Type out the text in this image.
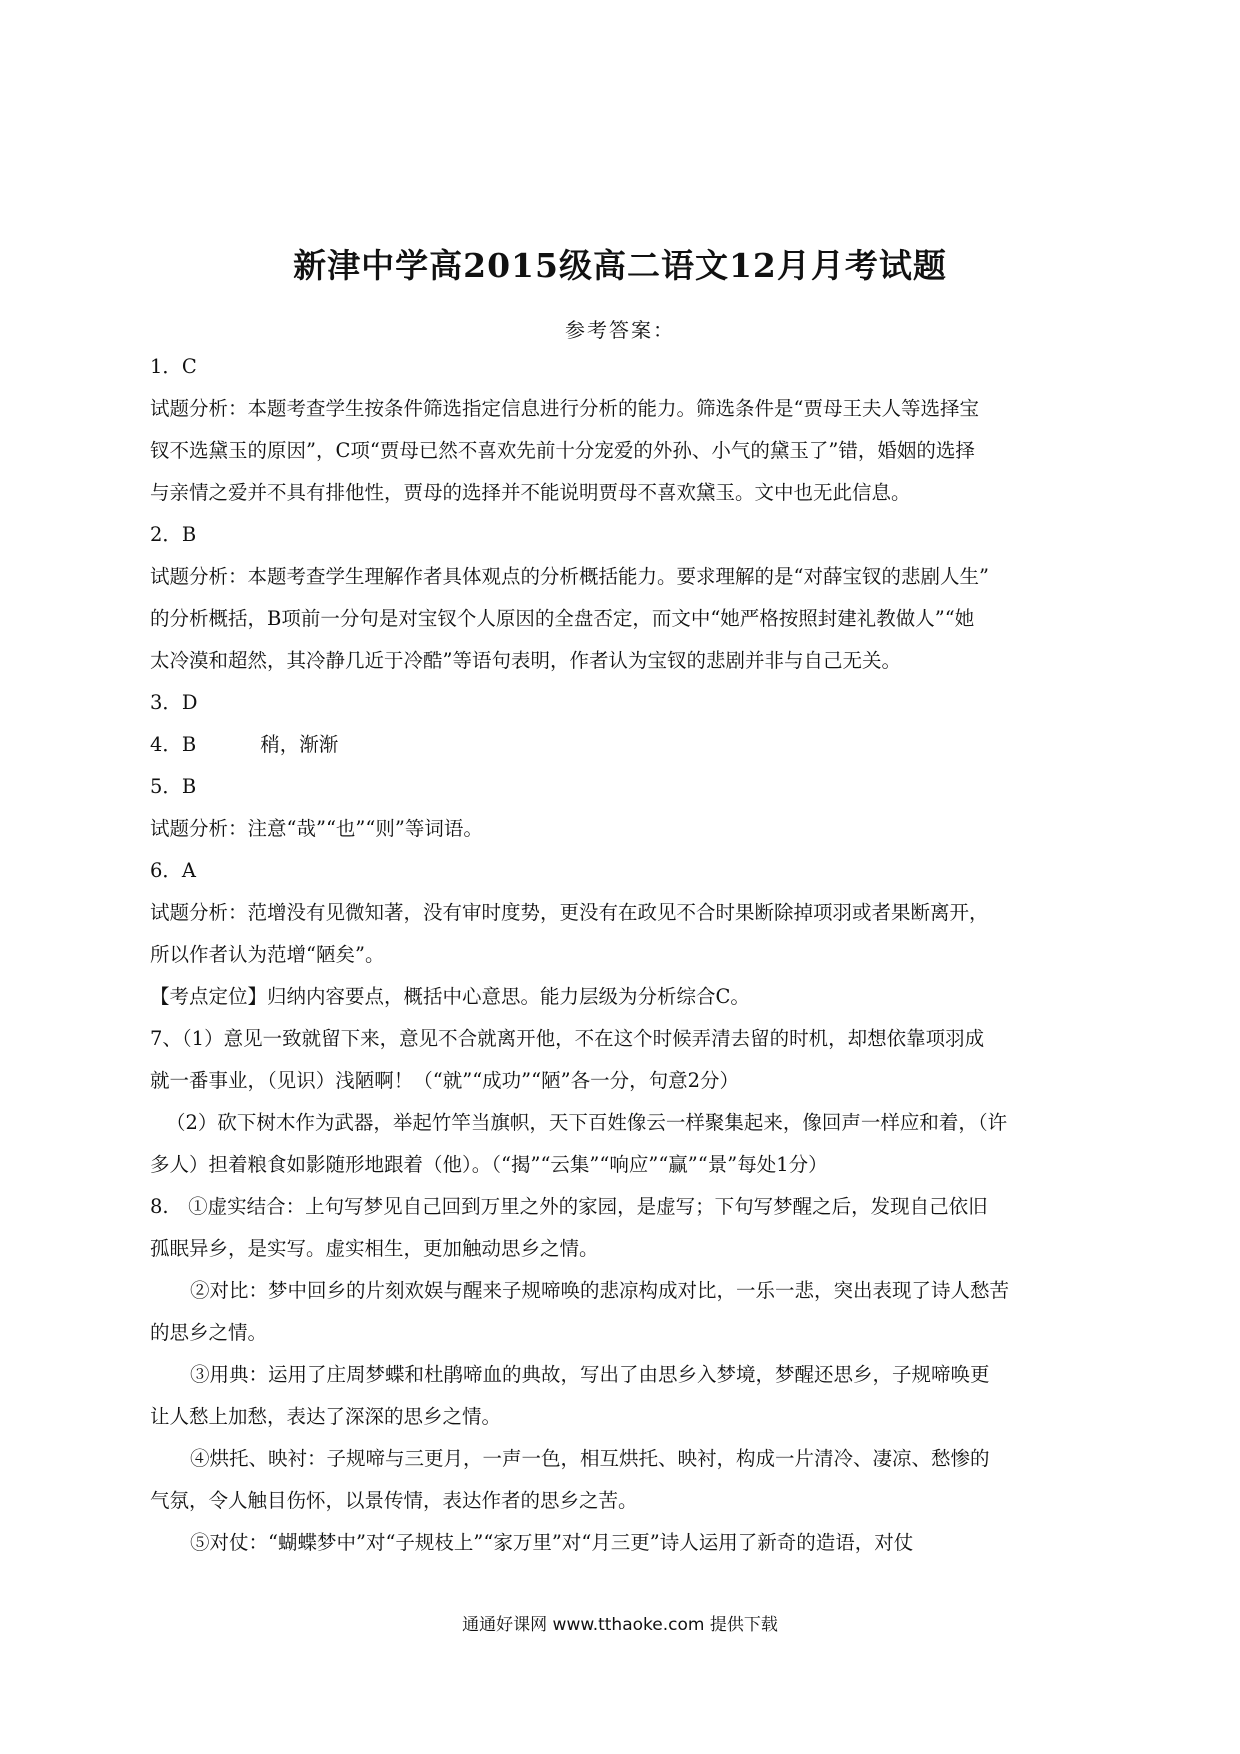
新津中学高2015级高二语文12月月考试题
参考答案：
1．C
试题分析：本题考查学生按条件筛选指定信息进行分析的能力。筛选条件是“贾母王夫人等选择宝
钗不选黛玉的原因”，C项“贾母已然不喜欢先前十分宠爱的外孙、小气的黛玉了”错，婚姻的选择
与亲情之爱并不具有排他性，贾母的选择并不能说明贾母不喜欢黛玉。文中也无此信息。
2．B
试题分析：本题考查学生理解作者具体观点的分析概括能力。要求理解的是“对薛宝钗的悲剧人生”
的分析概括，B项前一分句是对宝钗个人原因的全盘否定，而文中“她严格按照封建礼教做人”“她
太冷漠和超然，其冷静几近于冷酷”等语句表明，作者认为宝钗的悲剧并非与自己无关。
3．D
4．B	稍，渐渐
5．B
试题分析：注意“哉”“也”“则”等词语。
6．A
试题分析：范增没有见微知著，没有审时度势，更没有在政见不合时果断除掉项羽或者果断离开，
所以作者认为范增“陋矣”。
【考点定位】归纳内容要点，概括中心意思。能力层级为分析综合C。
7、（1）意见一致就留下来，意见不合就离开他，不在这个时候弄清去留的时机，却想依靠项羽成
就一番事业，（见识）浅陋啊！（“就”“成功”“陋”各一分，句意2分）
（2）砍下树木作为武器，举起竹竿当旗帜，天下百姓像云一样聚集起来，像回声一样应和着，（许
多人）担着粮食如影随形地跟着（他）。（“揭”“云集”“响应”“赢”“景”每处1分）
8.　①虚实结合：上句写梦见自己回到万里之外的家园，是虚写；下句写梦醒之后，发现自己依旧
孤眠异乡，是实写。虚实相生，更加触动思乡之情。
②对比：梦中回乡的片刻欢娱与醒来子规啼唤的悲凉构成对比，一乐一悲，突出表现了诗人愁苦
的思乡之情。
③用典：运用了庄周梦蝶和杜鹃啼血的典故，写出了由思乡入梦境，梦醒还思乡，子规啼唤更
让人愁上加愁，表达了深深的思乡之情。
④烘托、映衬：子规啼与三更月，一声一色，相互烘托、映衬，构成一片清冷、凄凉、愁惨的
气氛，令人触目伤怀，以景传情，表达作者的思乡之苦。
⑤对仗：“蝴蝶梦中”对“子规枝上”“家万里”对“月三更”诗人运用了新奇的造语，对仗
通通好课网 www.tthaoke.com 提供下载
